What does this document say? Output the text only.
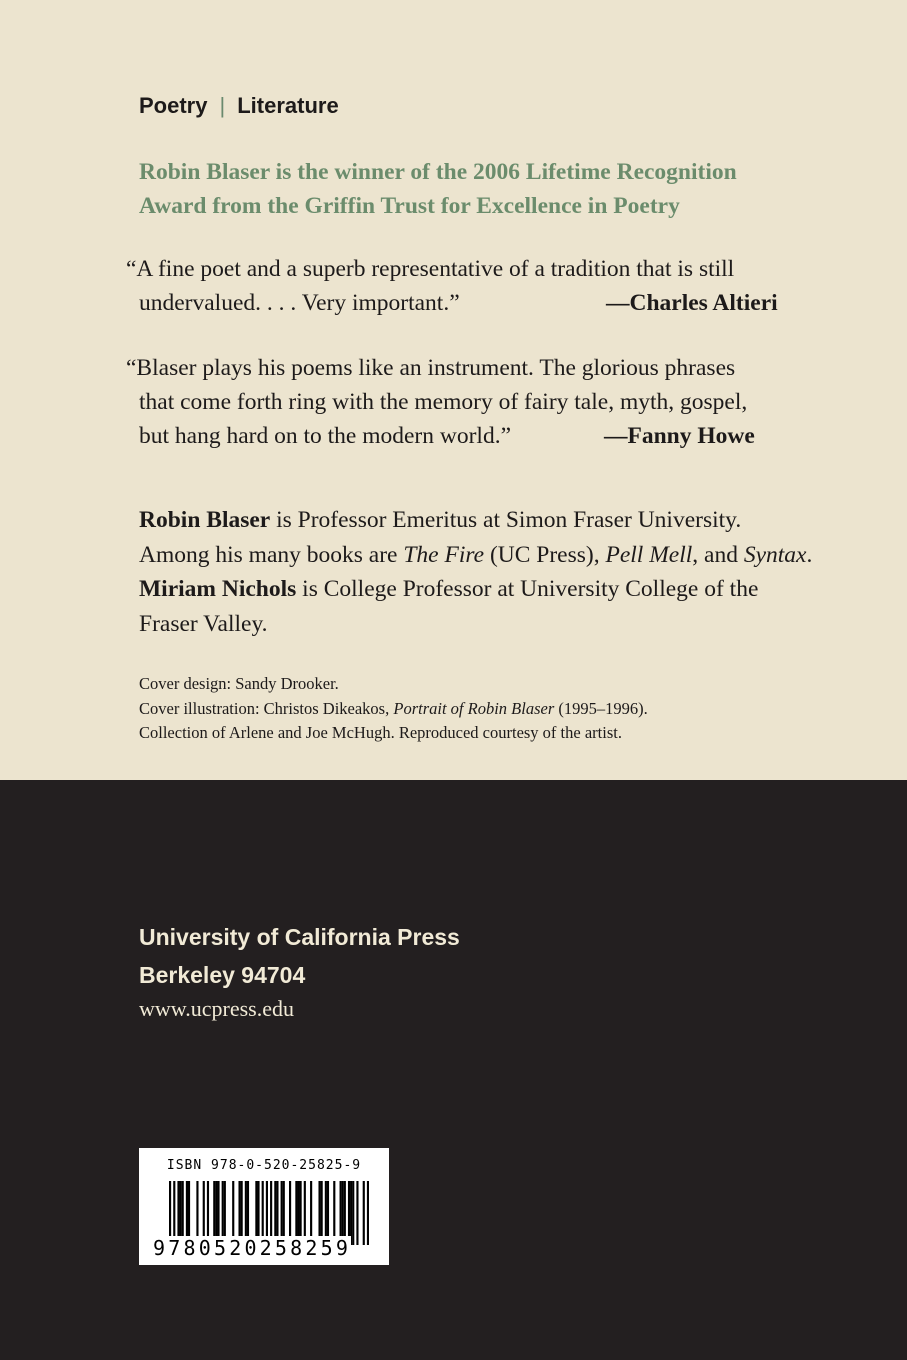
Poetry | Literature
Robin Blaser is the winner of the 2006 Lifetime Recognition
Award from the Griffin Trust for Excellence in Poetry
“A fine poet and a superb representative of a tradition that is still
undervalued. . . . Very important.”	—Charles Altieri
“Blaser plays his poems like an instrument. The glorious phrases
that come forth ring with the memory of fairy tale, myth, gospel,
but hang hard on to the modern world.”	—Fanny Howe
Robin Blaser is Professor Emeritus at Simon Fraser University.
Among his many books are The Fire (UC Press), Pell Mell, and Syntax.
Miriam Nichols is College Professor at University College of the
Fraser Valley.
Cover design: Sandy Drooker.
Cover illustration: Christos Dikeakos, Portrait of Robin Blaser (1995–1996).
Collection of Arlene and Joe McHugh. Reproduced courtesy of the artist.
University of California Press
Berkeley 94704
www.ucpress.edu
ISBN 978-0-520-25825-9
9780520258259
